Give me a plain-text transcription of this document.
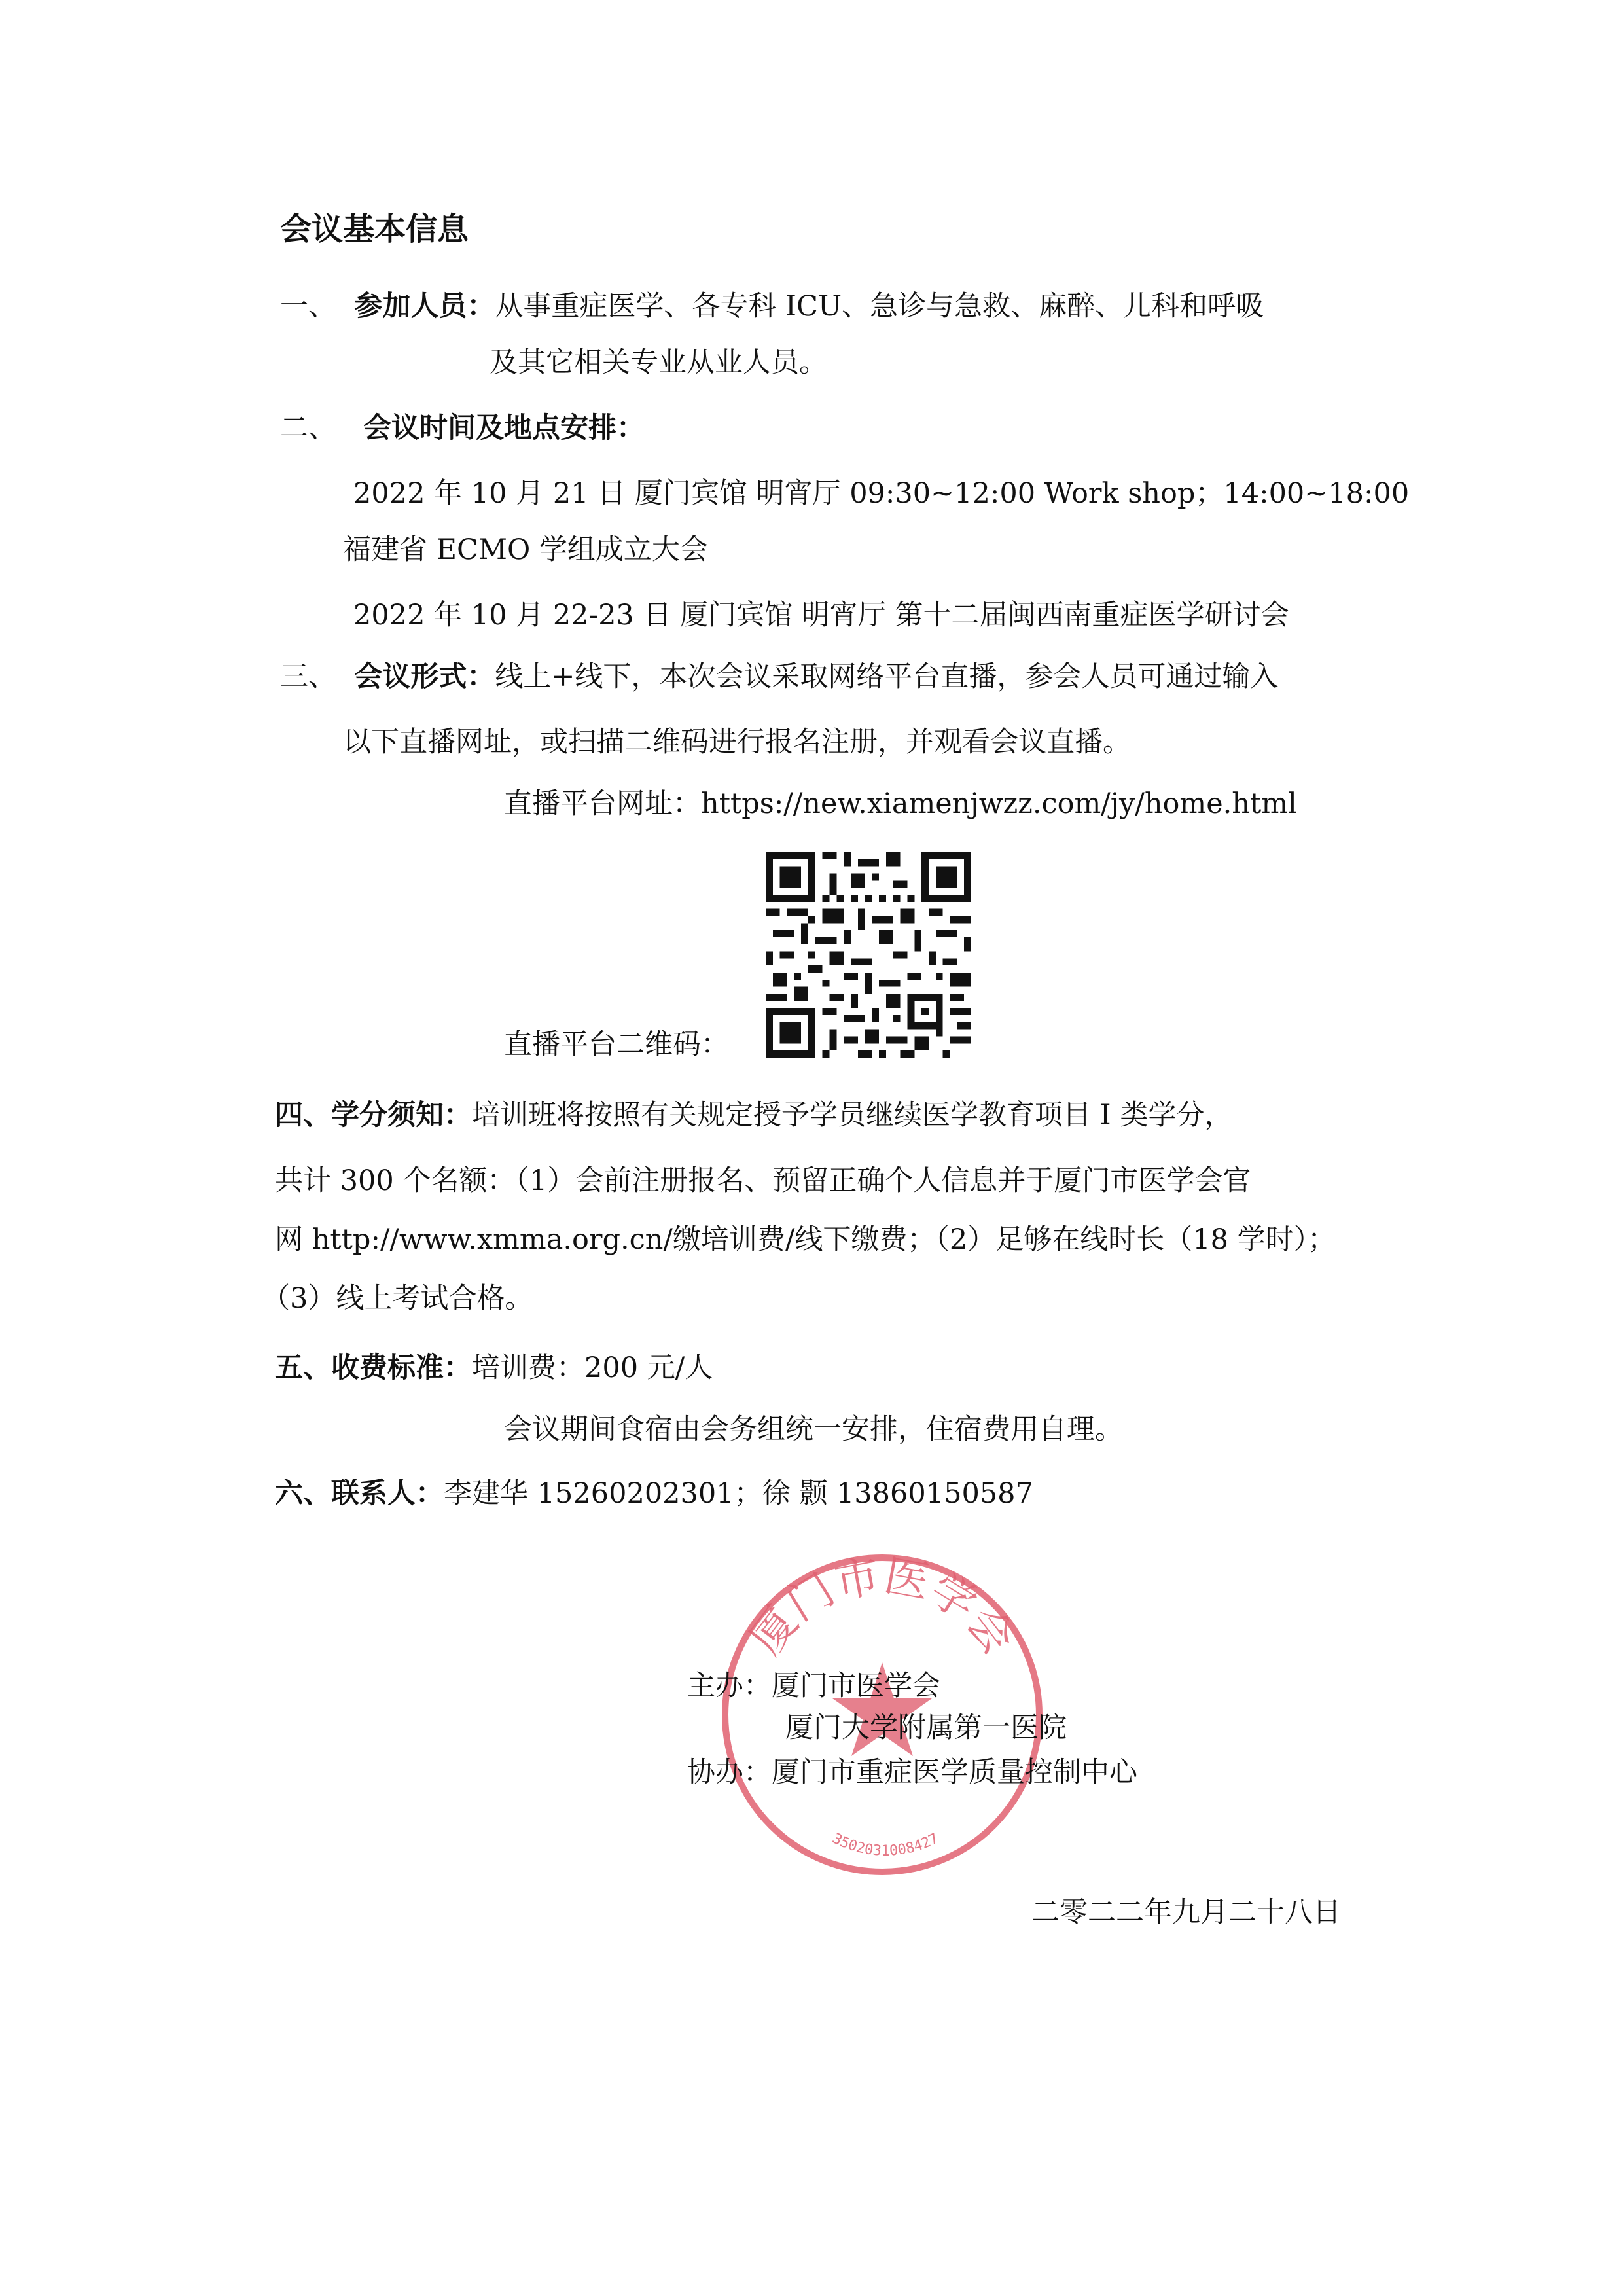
会议基本信息
一、 参加人员：从事重症医学、各专科 ICU、急诊与急救、麻醉、儿科和呼吸
及其它相关专业从业人员。
二、 会议时间及地点安排：
2022 年 10 月 21 日 厦门宾馆 明宵厅 09:30~12:00 Work shop；14:00~18:00
福建省 ECMO 学组成立大会
2022 年 10 月 22-23 日 厦门宾馆 明宵厅 第十二届闽西南重症医学研讨会
三、 会议形式：线上+线下，本次会议采取网络平台直播，参会人员可通过输入
以下直播网址，或扫描二维码进行报名注册，并观看会议直播。
直播平台网址：https://new.xiamenjwzz.com/jy/home.html
直播平台二维码：
四、学分须知：培训班将按照有关规定授予学员继续医学教育项目 I 类学分，
共计 300 个名额：（1）会前注册报名、预留正确个人信息并于厦门市医学会官
网 http://www.xmma.org.cn/缴培训费/线下缴费；（2）足够在线时长（18 学时）；
（3）线上考试合格。
五、收费标准：培训费：200 元/人
会议期间食宿由会务组统一安排，住宿费用自理。
六、联系人：李建华 15260202301；徐 颢 13860150587
厦门市医学会
3502031008427
主办：厦门市医学会
厦门大学附属第一医院
协办：厦门市重症医学质量控制中心
二零二二年九月二十八日
